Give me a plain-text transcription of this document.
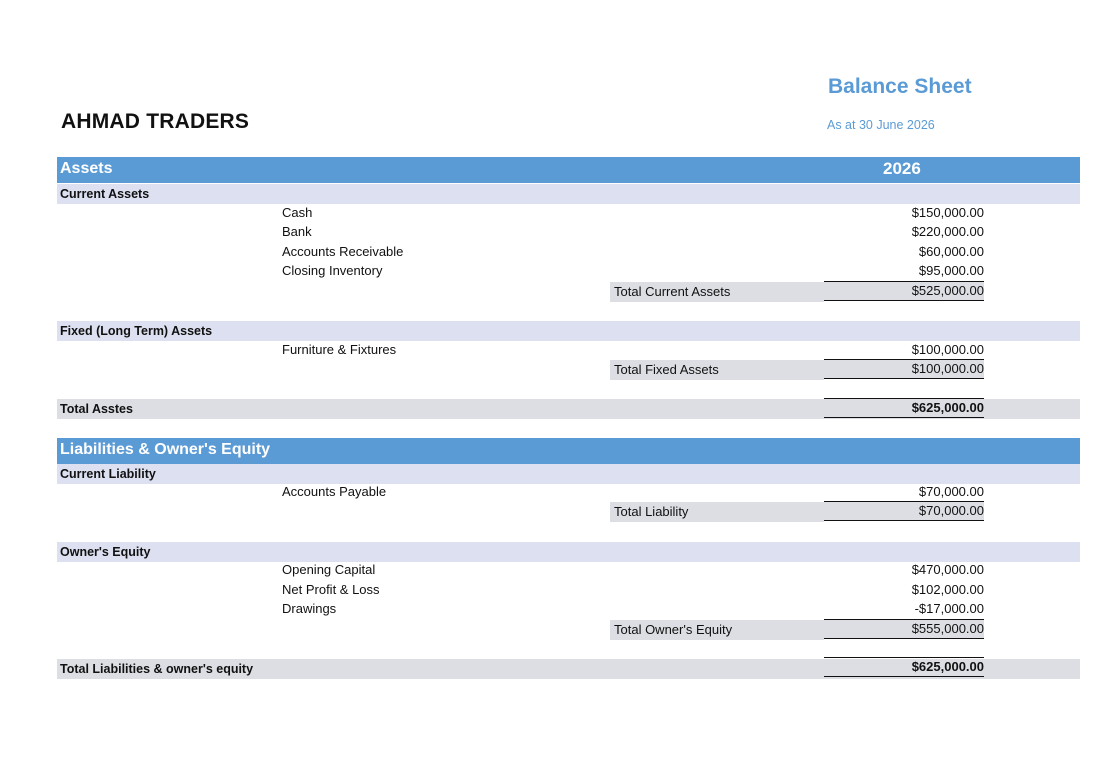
AHMAD TRADERS
Balance Sheet
As at 30 June 2026
Assets	2026
Current Assets
Cash	$150,000.00
Bank	$220,000.00
Accounts Receivable	$60,000.00
Closing Inventory	$95,000.00
Total Current Assets	$525,000.00
Fixed (Long Term) Assets
Furniture & Fixtures	$100,000.00
Total Fixed Assets	$100,000.00
Total Asstes	$625,000.00
Liabilities & Owner's Equity
Current Liability
Accounts Payable	$70,000.00
Total Liability	$70,000.00
Owner's Equity
Opening Capital	$470,000.00
Net Profit & Loss	$102,000.00
Drawings	-$17,000.00
Total Owner's Equity	$555,000.00
Total Liabilities & owner's equity	$625,000.00
